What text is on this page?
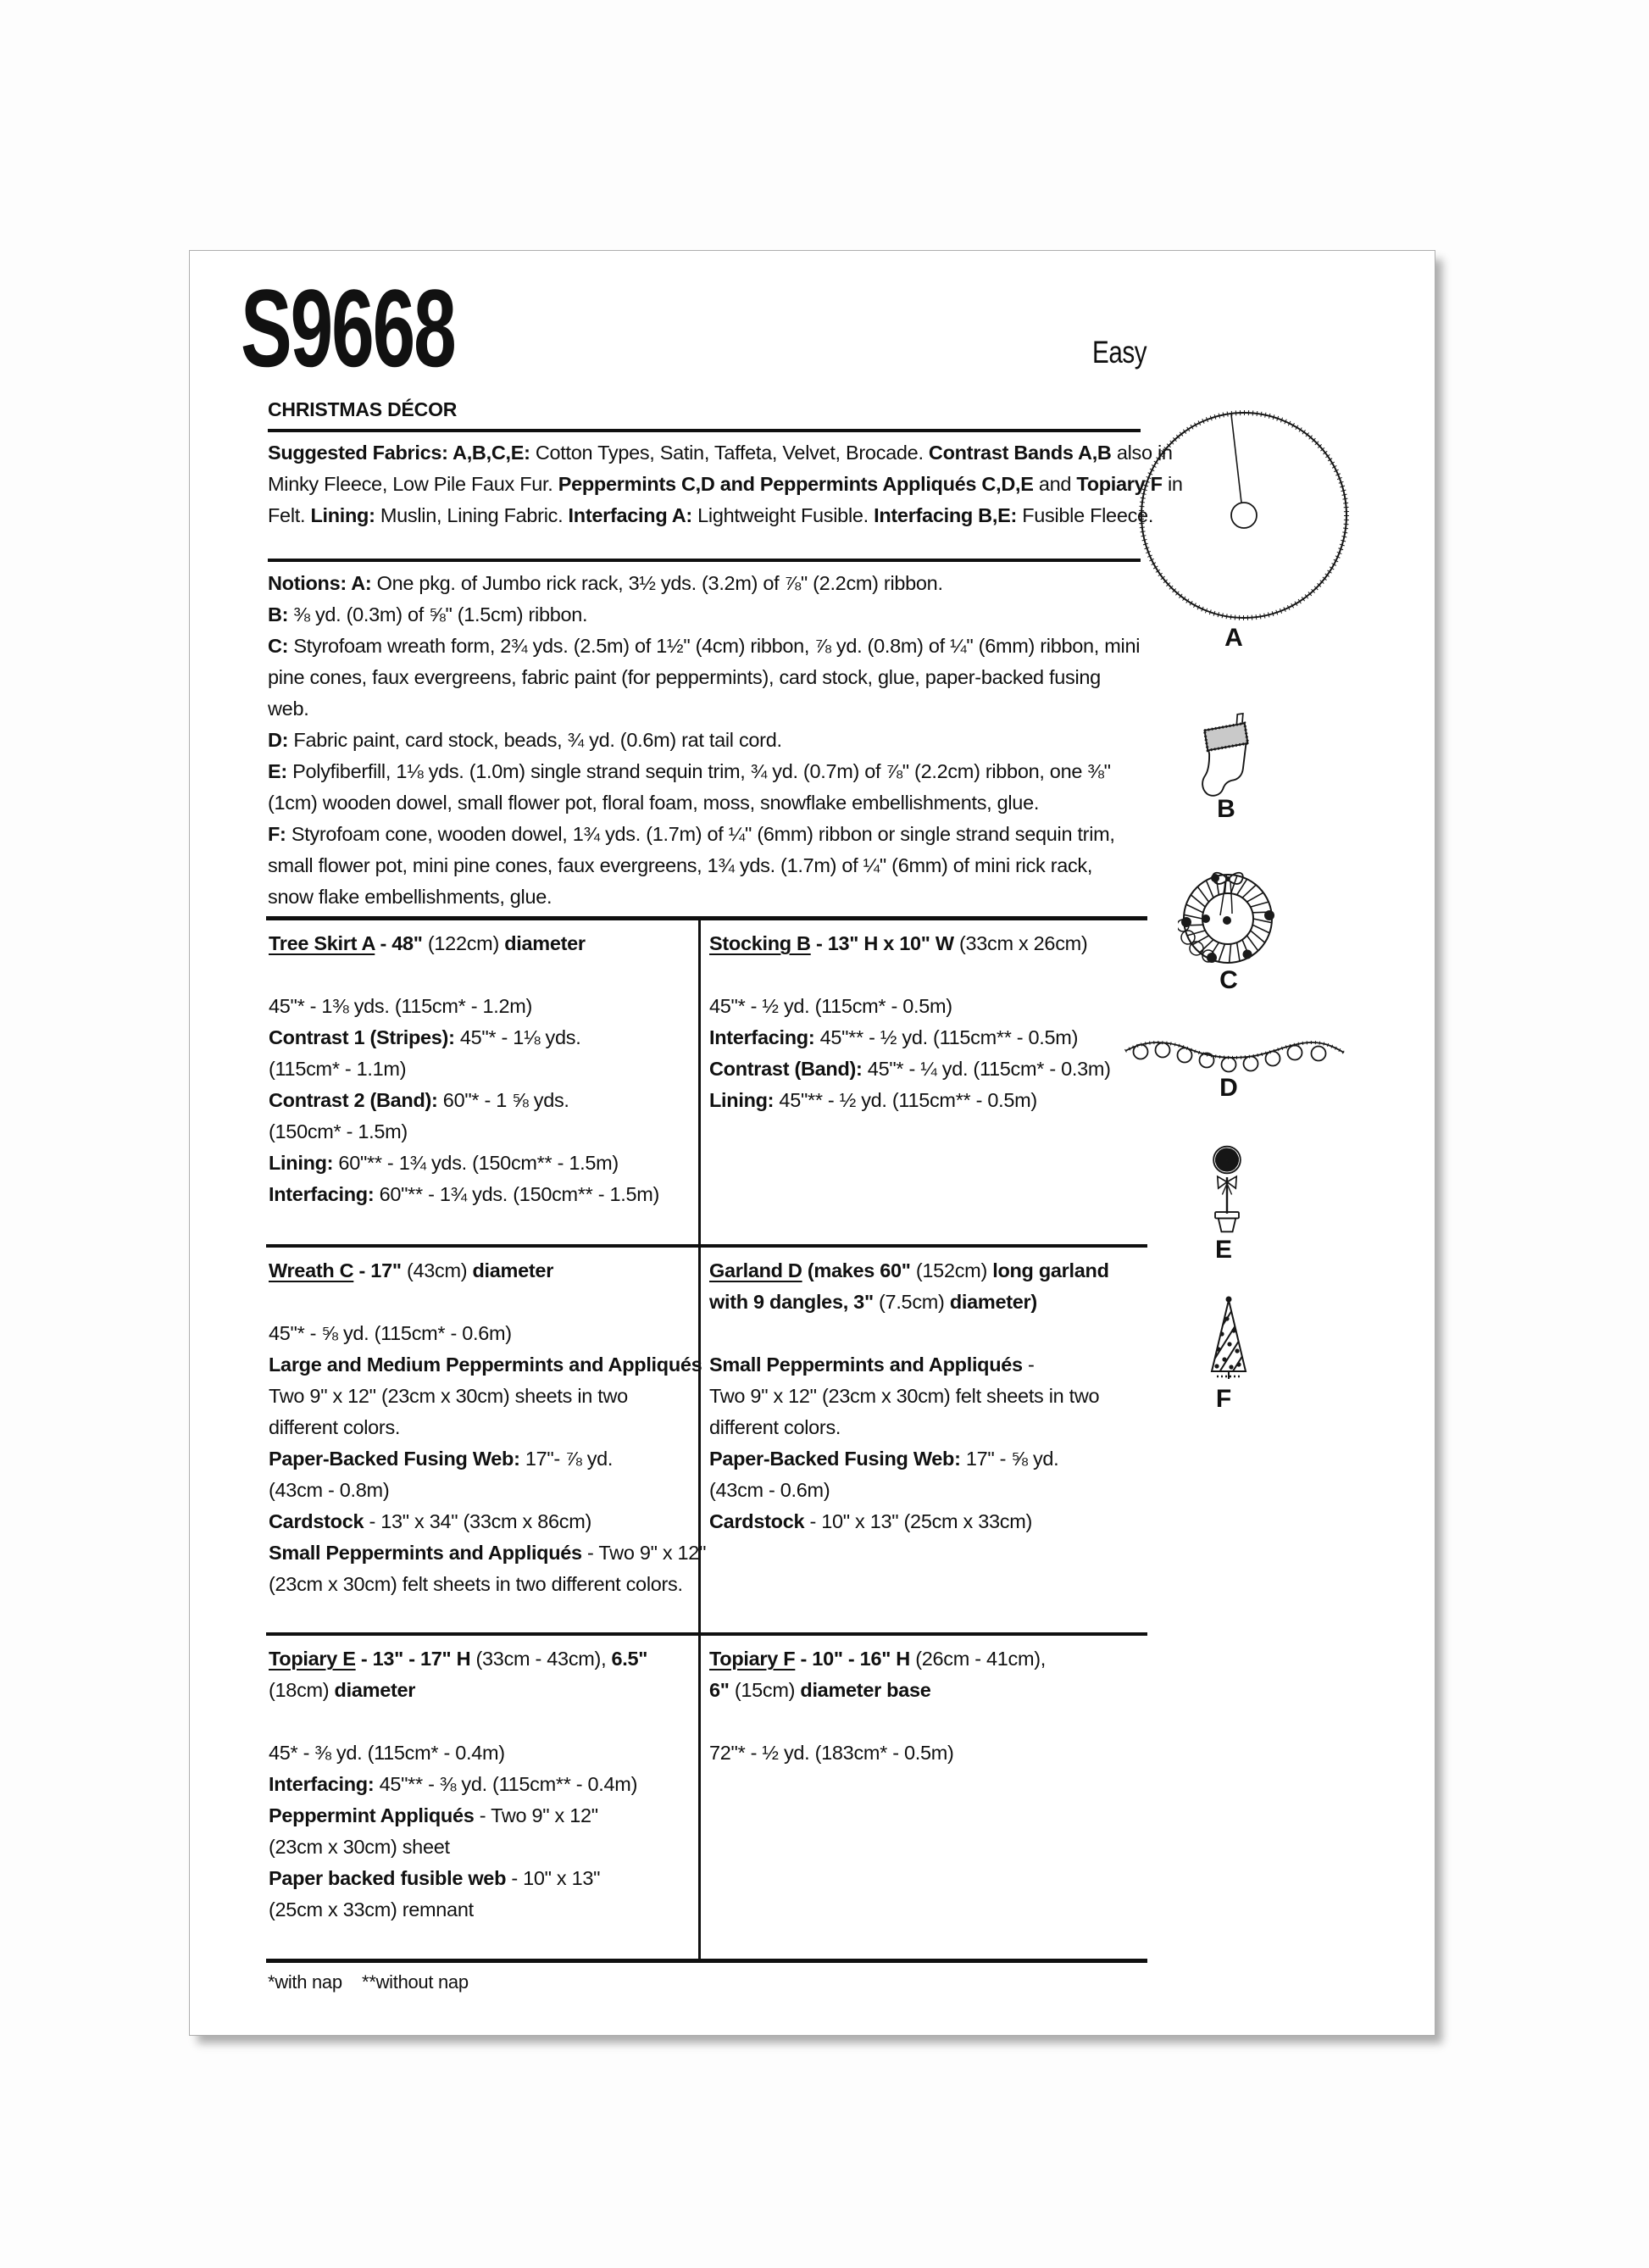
S9668	Easy
CHRISTMAS DÉCOR
Suggested Fabrics: A,B,C,E: Cotton Types, Satin, Taffeta, Velvet, Brocade. Contrast Bands A,B also in
Minky Fleece, Low Pile Faux Fur. Peppermints C,D and Peppermints Appliqués C,D,E and Topiary F in
Felt. Lining: Muslin, Lining Fabric. Interfacing A: Lightweight Fusible. Interfacing B,E: Fusible Fleece.
Notions: A: One pkg. of Jumbo rick rack, 3½ yds. (3.2m) of ⅞" (2.2cm) ribbon.
B: ⅜ yd. (0.3m) of ⅝" (1.5cm) ribbon.
C: Styrofoam wreath form, 2¾ yds. (2.5m) of 1½" (4cm) ribbon, ⅞ yd. (0.8m) of ¼" (6mm) ribbon, mini
pine cones, faux evergreens, fabric paint (for peppermints), card stock, glue, paper-backed fusing
web.
D: Fabric paint, card stock, beads, ¾ yd. (0.6m) rat tail cord.
E: Polyfiberfill, 1⅛ yds. (1.0m) single strand sequin trim, ¾ yd. (0.7m) of ⅞" (2.2cm) ribbon, one ⅜"
(1cm) wooden dowel, small flower pot, floral foam, moss, snowflake embellishments, glue.
F: Styrofoam cone, wooden dowel, 1¾ yds. (1.7m) of ¼" (6mm) ribbon or single strand sequin trim,
small flower pot, mini pine cones, faux evergreens, 1¾ yds. (1.7m) of ¼" (6mm) of mini rick rack,
snow flake embellishments, glue.
Tree Skirt A - 48" (122cm) diameter
45"* - 1⅜ yds. (115cm* - 1.2m)
Contrast 1 (Stripes): 45"* - 1⅛ yds.
(115cm* - 1.1m)
Contrast 2 (Band): 60"* - 1 ⅝ yds.
(150cm* - 1.5m)
Lining: 60"** - 1¾ yds. (150cm** - 1.5m)
Interfacing: 60"** - 1¾ yds. (150cm** - 1.5m)
Stocking B - 13" H x 10" W (33cm x 26cm)
45"* - ½ yd. (115cm* - 0.5m)
Interfacing: 45"** - ½ yd. (115cm** - 0.5m)
Contrast (Band): 45"* - ¼ yd. (115cm* - 0.3m)
Lining: 45"** - ½ yd. (115cm** - 0.5m)
Wreath C - 17" (43cm) diameter
45"* - ⅝ yd. (115cm* - 0.6m)
Large and Medium Peppermints and Appliqués
Two 9" x 12" (23cm x 30cm) sheets in two
different colors.
Paper-Backed Fusing Web: 17"- ⅞ yd.
(43cm - 0.8m)
Cardstock - 13" x 34" (33cm x 86cm)
Small Peppermints and Appliqués - Two 9" x 12"
(23cm x 30cm) felt sheets in two different colors.
Garland D (makes 60" (152cm) long garland
with 9 dangles, 3" (7.5cm) diameter)
Small Peppermints and Appliqués -
Two 9" x 12" (23cm x 30cm) felt sheets in two
different colors.
Paper-Backed Fusing Web: 17" - ⅝ yd.
(43cm - 0.6m)
Cardstock - 10" x 13" (25cm x 33cm)
Topiary E - 13" - 17" H (33cm - 43cm), 6.5"
(18cm) diameter
45* - ⅜ yd. (115cm* - 0.4m)
Interfacing: 45"** - ⅜ yd. (115cm** - 0.4m)
Peppermint Appliqués - Two 9" x 12"
(23cm x 30cm) sheet
Paper backed fusible web - 10" x 13"
(25cm x 33cm) remnant
Topiary F - 10" - 16" H (26cm - 41cm),
6" (15cm) diameter base
72"* - ½ yd. (183cm* - 0.5m)
*with nap    **without nap
A
B
C
D
E
F
